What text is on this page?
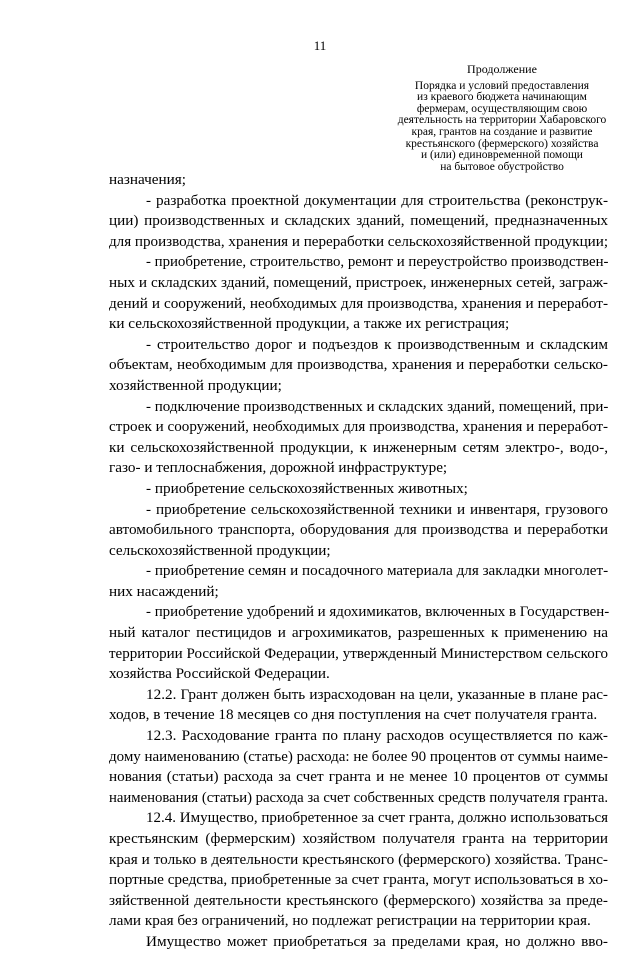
11
Продолжение
Порядка и условий предоставления
из краевого бюджета начинающим
фермерам, осуществляющим свою
деятельность на территории Хабаровского
края, грантов на создание и развитие
крестьянского (фермерского) хозяйства
и (или) единовременной помощи
на бытовое обустройство

назначения;

- разработка проектной документации для строительства (реконструк-

ции) производственных и складских зданий, помещений, предназначенных

для производства, хранения и переработки сельскохозяйственной продукции;

- приобретение, строительство, ремонт и переустройство производствен-

ных и складских зданий, помещений, пристроек, инженерных сетей, заграж-

дений и сооружений, необходимых для производства, хранения и переработ-

ки сельскохозяйственной продукции, а также их регистрация;

- строительство дорог и подъездов к производственным и складским

объектам, необходимым для производства, хранения и переработки сельско-

хозяйственной продукции;

- подключение производственных и складских зданий, помещений, при-

строек и сооружений, необходимых для производства, хранения и переработ-

ки сельскохозяйственной продукции, к инженерным сетям электро-, водо-,

газо- и теплоснабжения, дорожной инфраструктуре;

- приобретение сельскохозяйственных животных;

- приобретение сельскохозяйственной техники и инвентаря, грузового

автомобильного транспорта, оборудования для производства и переработки

сельскохозяйственной продукции;

- приобретение семян и посадочного материала для закладки многолет-

них насаждений;

- приобретение удобрений и ядохимикатов, включенных в Государствен-

ный каталог пестицидов и агрохимикатов, разрешенных к применению на

территории Российской Федерации, утвержденный Министерством сельского

хозяйства Российской Федерации.

12.2. Грант должен быть израсходован на цели, указанные в плане рас-

ходов, в течение 18 месяцев со дня поступления на счет получателя гранта.

12.3. Расходование гранта по плану расходов осуществляется по каж-

дому наименованию (статье) расхода: не более 90 процентов от суммы наиме-

нования (статьи) расхода за счет гранта и не менее 10 процентов от суммы

наименования (статьи) расхода за счет собственных средств получателя гранта.

12.4. Имущество, приобретенное за счет гранта, должно использоваться

крестьянским (фермерским) хозяйством получателя гранта на территории

края и только в деятельности крестьянского (фермерского) хозяйства. Транс-

портные средства, приобретенные за счет гранта, могут использоваться в хо-

зяйственной деятельности крестьянского (фермерского) хозяйства за преде-

лами края без ограничений, но подлежат регистрации на территории края.

Имущество может приобретаться за пределами края, но должно вво-
